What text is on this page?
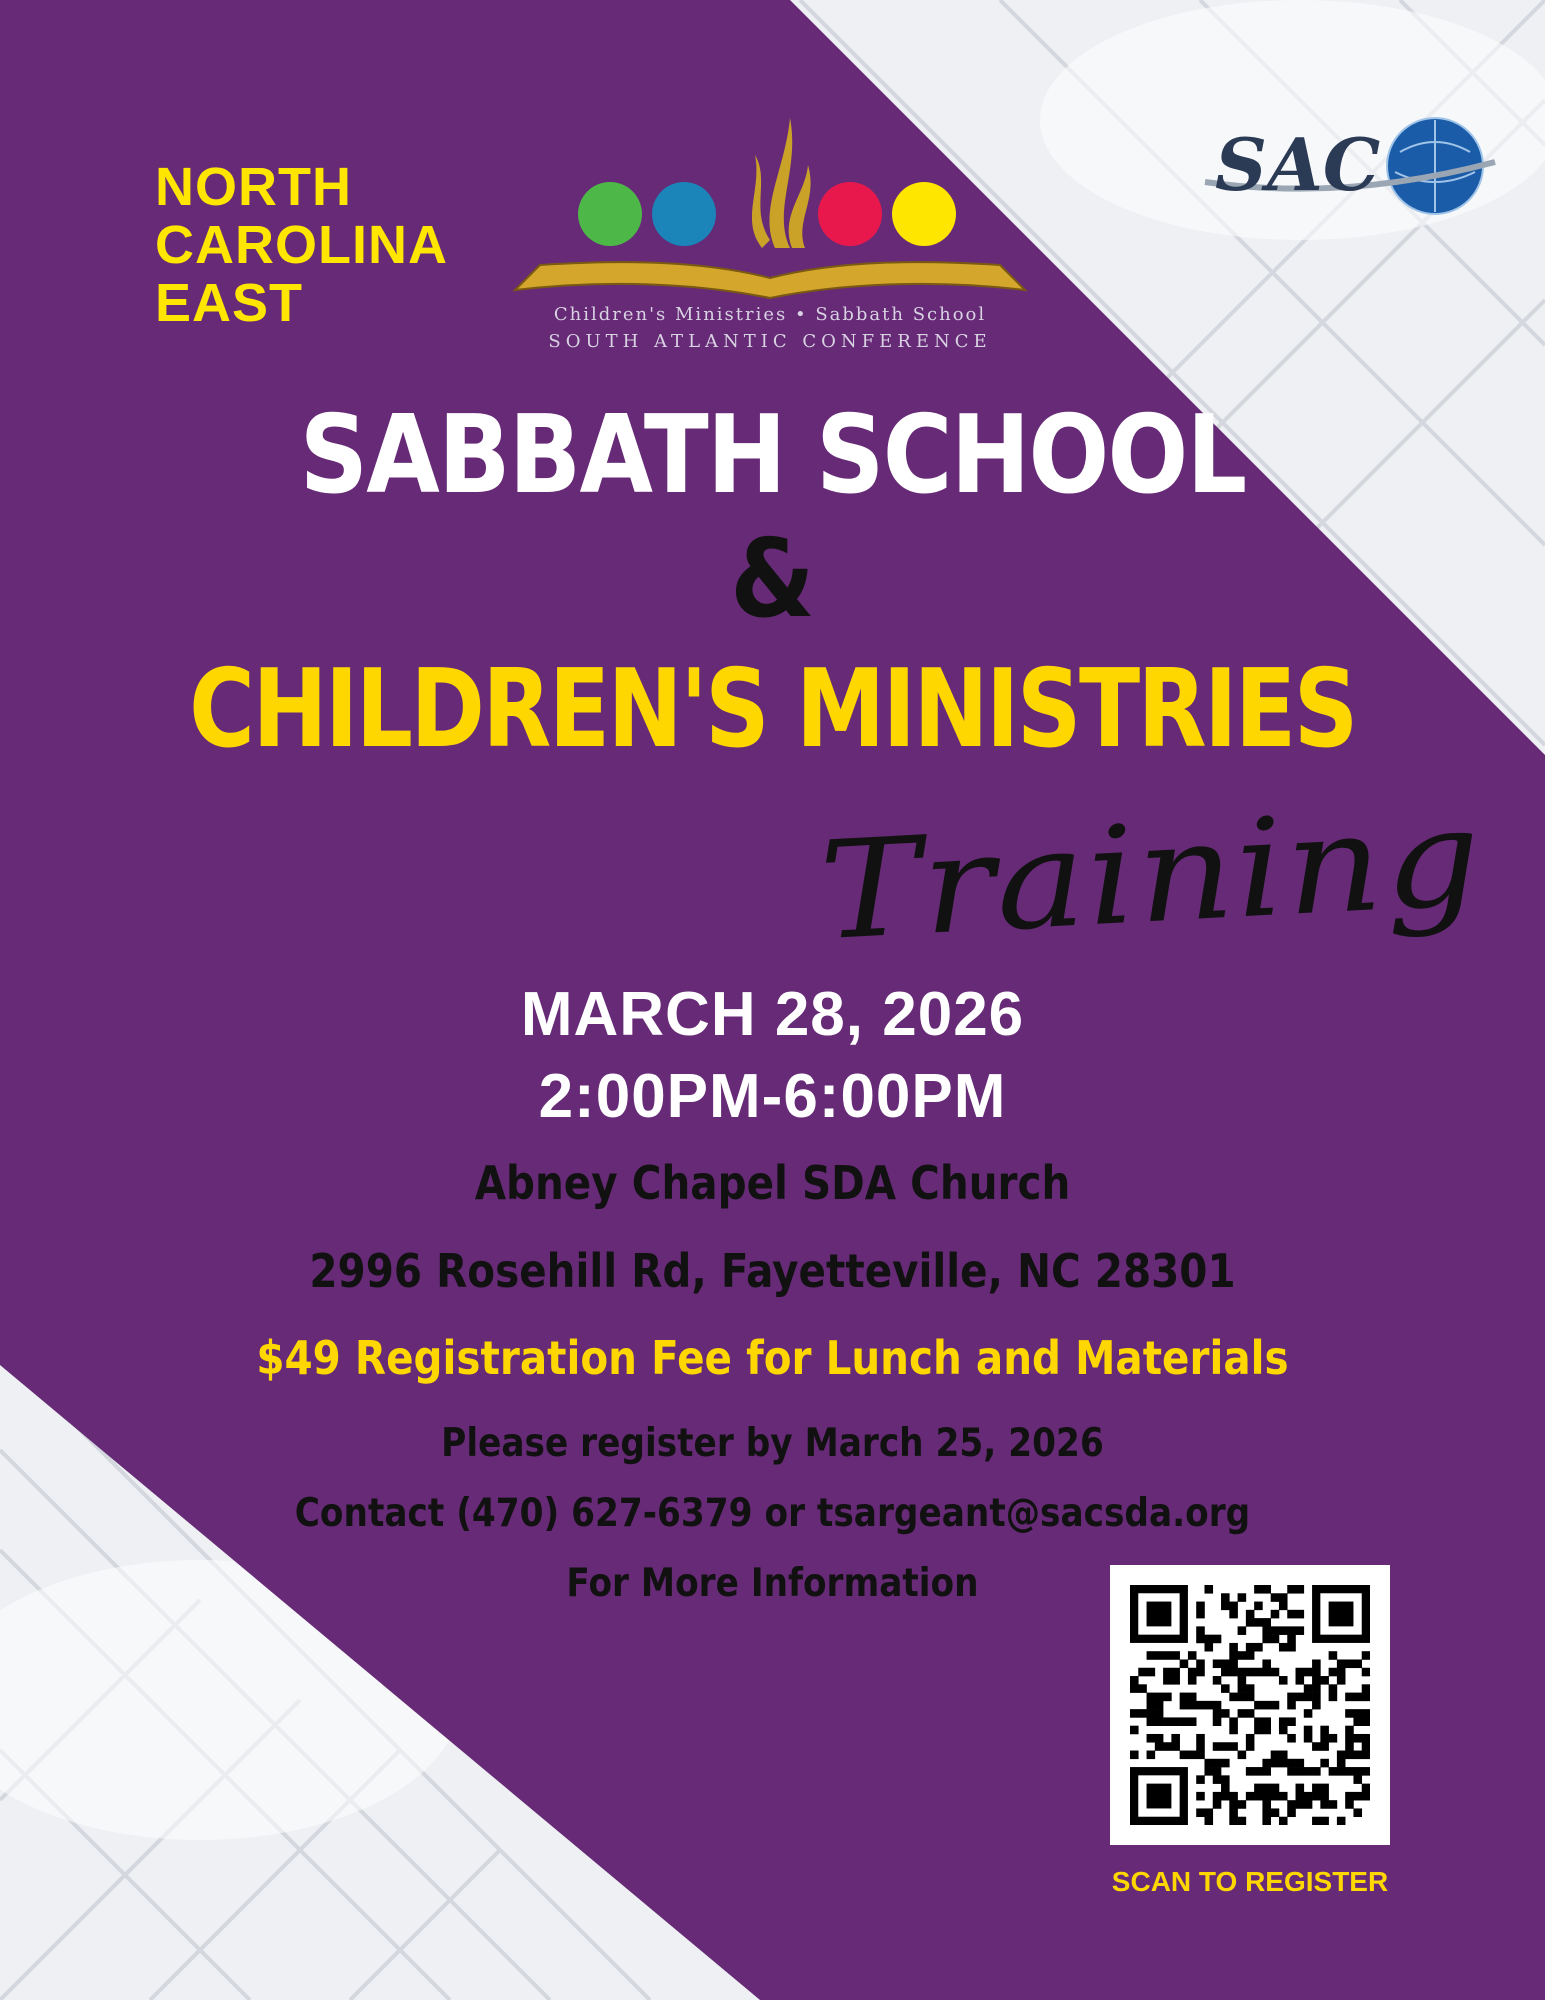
NORTH
CAROLINA
EAST	Children's Ministries • Sabbath School
SOUTH ATLANTIC CONFERENCE
SAC
SABBATH SCHOOL
&
CHILDREN'S MINISTRIES
Training
MARCH 28, 2026
2:00PM-6:00PM
Abney Chapel SDA Church
2996 Rosehill Rd, Fayetteville, NC 28301
$49 Registration Fee for Lunch and Materials
Please register by March 25, 2026
Contact (470) 627-6379 or tsargeant@sacsda.org
For More Information
SCAN TO REGISTER
